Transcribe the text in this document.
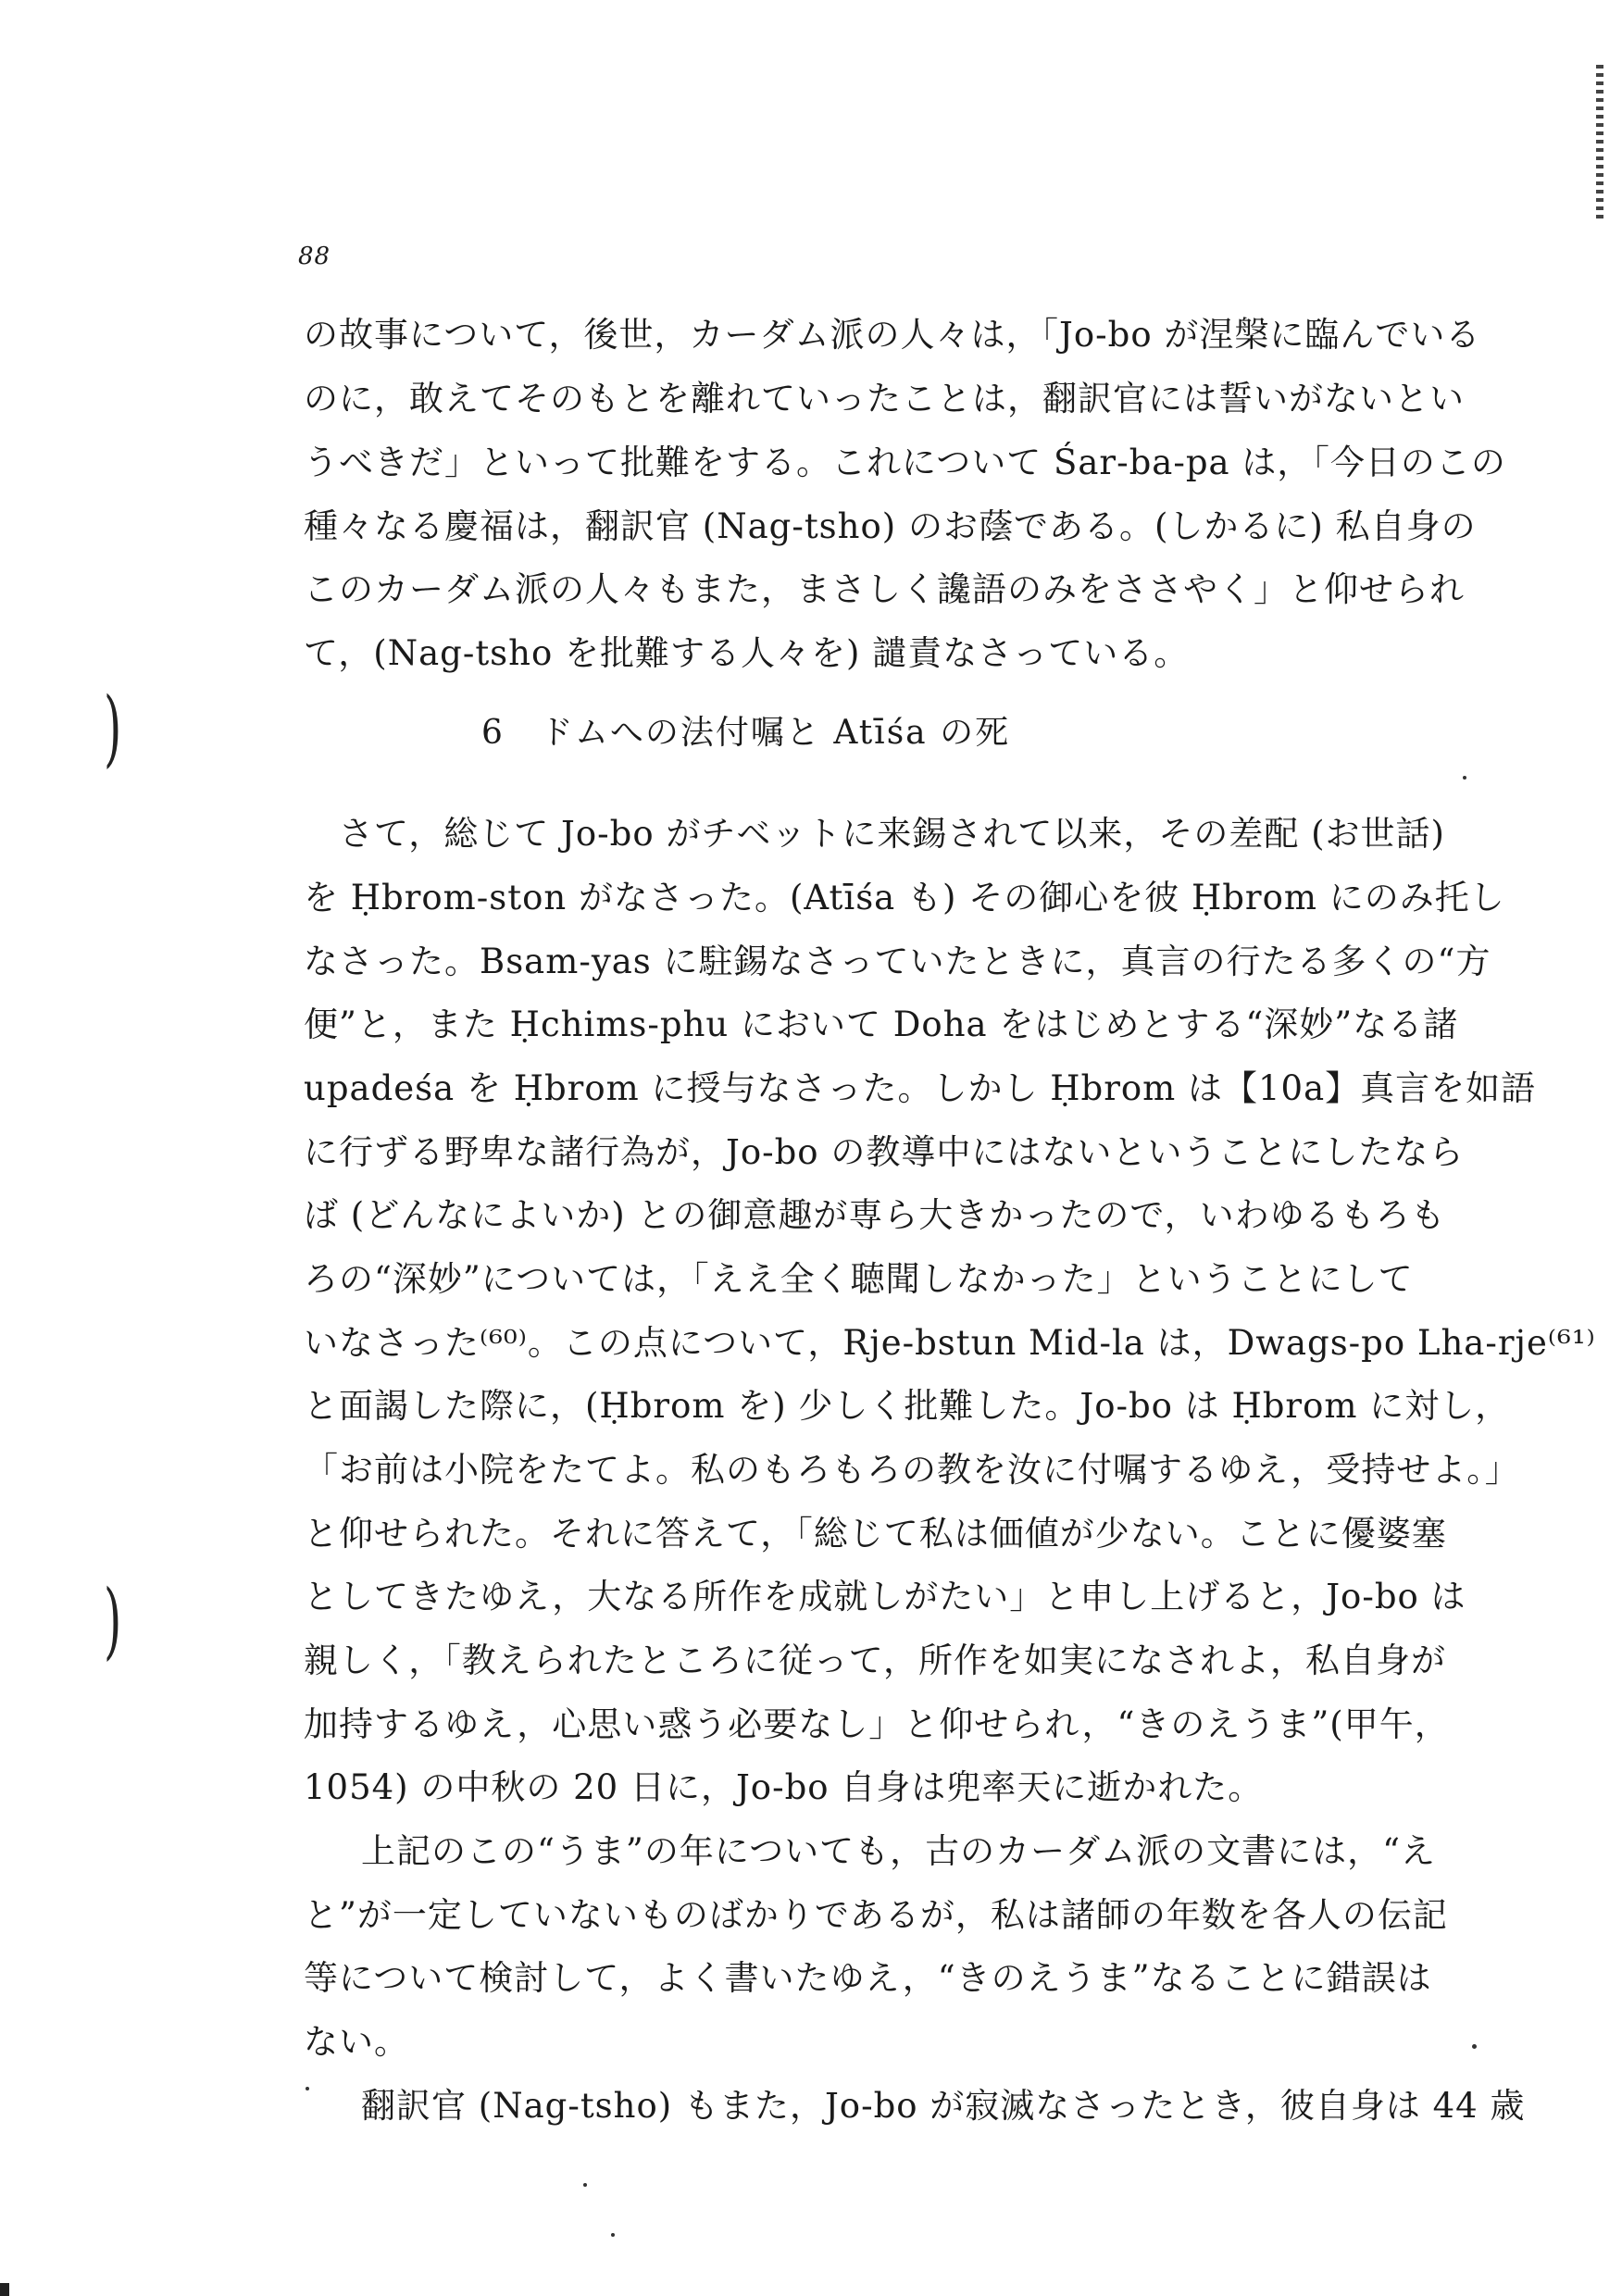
88
の故事について，後世，カーダム派の人々は，「Jo-bo が涅槃に臨んでいる
のに，敢えてそのもとを離れていったことは，翻訳官には誓いがないとい
うべきだ」といって批難をする。これについて Śar-ba-pa は，「今日のこの
種々なる慶福は，翻訳官 (Nag-tsho) のお蔭である。(しかるに) 私自身の
このカーダム派の人々もまた，まさしく讒語のみをささやく」と仰せられ
て，(Nag-tsho を批難する人々を) 譴責なさっている。
)	6　ドムへの法付嘱と Atīśa の死
さて，総じて Jo-bo がチベットに来錫されて以来，その差配 (お世話)
を Ḥbrom-ston がなさった。(Atīśa も) その御心を彼 Ḥbrom にのみ托し
なさった。Bsam-yas に駐錫なさっていたときに，真言の行たる多くの“方
便”と，また Ḥchims-phu において Doha をはじめとする“深妙”なる諸
upadeśa を Ḥbrom に授与なさった。しかし Ḥbrom は【10a】真言を如語
に行ずる野卑な諸行為が，Jo-bo の教導中にはないということにしたなら
ば (どんなによいか) との御意趣が専ら大きかったので，いわゆるもろも
ろの“深妙”については，「ええ全く聴聞しなかった」ということにして
いなさった⁽⁶⁰⁾。この点について，Rje-bstun Mid-la は，Dwags-po Lha-rje⁽⁶¹⁾
と面謁した際に，(Ḥbrom を) 少しく批難した。Jo-bo は Ḥbrom に対し，
「お前は小院をたてよ。私のもろもろの教を汝に付嘱するゆえ，受持せよ。」
と仰せられた。それに答えて，「総じて私は価値が少ない。ことに優婆塞
としてきたゆえ，大なる所作を成就しがたい」と申し上げると，Jo-bo は
)	親しく，「教えられたところに従って，所作を如実になされよ，私自身が
加持するゆえ，心思い惑う必要なし」と仰せられ，“きのえうま”(甲午，
1054) の中秋の 20 日に，Jo-bo 自身は兜率天に逝かれた。
上記のこの“うま”の年についても，古のカーダム派の文書には，“え
と”が一定していないものばかりであるが，私は諸師の年数を各人の伝記
等について検討して，よく書いたゆえ，“きのえうま”なることに錯誤は
ない。
翻訳官 (Nag-tsho) もまた，Jo-bo が寂滅なさったとき，彼自身は 44 歳
